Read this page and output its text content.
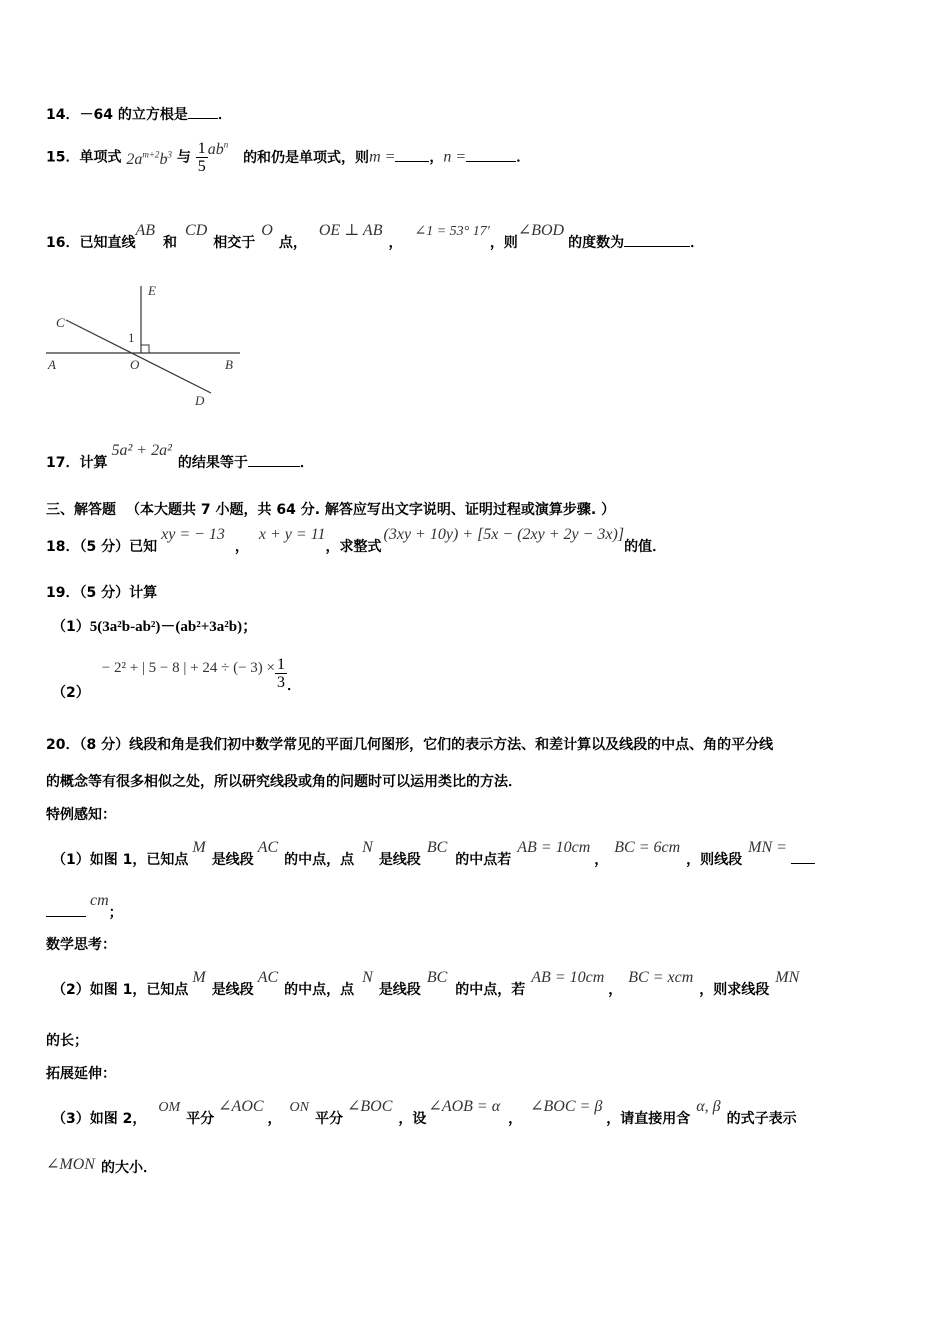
14．－64 的立方根是 ．
15．单项式 $2a^{m+2}b^3$ 与 $\frac{1}{5} ab^n$ 的和仍是单项式，则m = ，n =	．
16．已知直线AB和CD相交于O点，OE ⊥ AB，∠1 = 53° 17′，则∠BOD的度数为	．
E
C
1
A	O	B
D
17．计算5a² + 2a²的结果等于	．
三、解答题 （本大题共 7 小题，共 64 分. 解答应写出文字说明、证明过程或演算步骤. ）
18．（5 分）已知xy = − 13，x + y = 11，求整式(3xy + 10y) + [5x − (2xy + 2y − 3x)]的值．
19．（5 分）计算
（1）5(3a²b-ab²)－(ab²+3a²b)；
（2）− 2² + | 5 − 8 | + 24 ÷ (− $3) \times \frac{1}{3}$ ．
20．（8 分）线段和角是我们初中数学常见的平面几何图形，它们的表示方法、和差计算以及线段的中点、角的平分线
的概念等有很多相似之处，所以研究线段或角的问题时可以运用类比的方法．
特例感知：
（1）如图 1，已知点M是线段AC的中点，点N是线段BC的中点若AB = 10cm，BC = 6cm，则线段MN =
cm；
数学思考：
（2）如图 1，已知点M是线段AC的中点，点N是线段BC的中点，若AB = 10cm，BC = xcm，则求线段MN
的长；
拓展延伸：
（3）如图 2，OM平分∠AOC，ON平分∠BOC，设∠AOB = α，∠BOC = β，请直接用含α, β的式子表示
∠MON 的大小．
